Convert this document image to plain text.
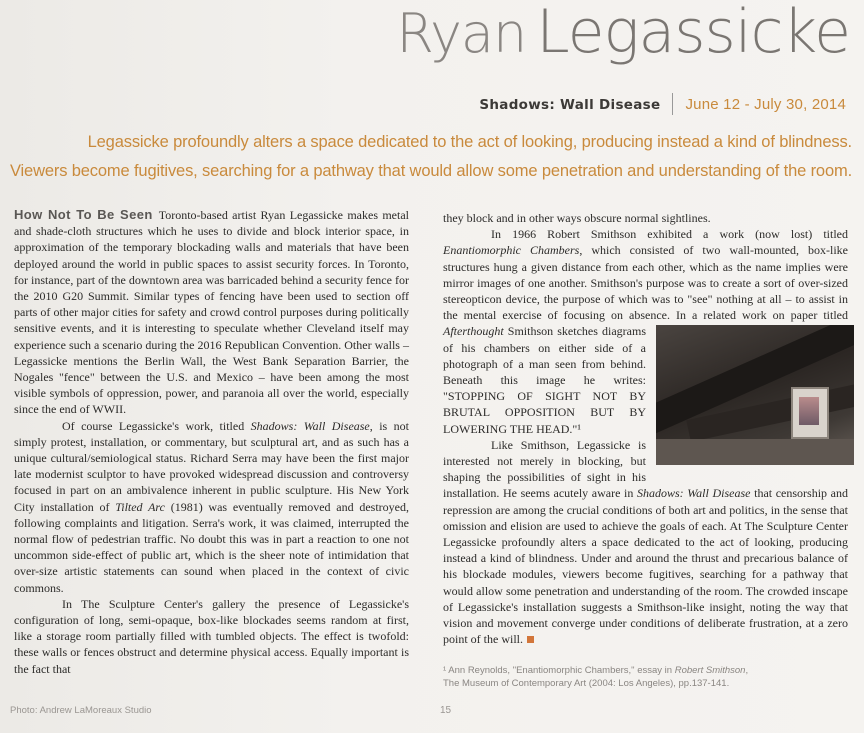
Ryan Legassicke
Shadows: Wall Disease June 12 - July 30, 2014
Legassicke profoundly alters a space dedicated to the act of looking, producing instead a kind of blindness.
Viewers become fugitives, searching for a pathway that would allow some penetration and understanding of the room.

How Not To Be Seen Toronto-based artist Ryan Legassicke makes metal and shade-cloth structures which he uses to divide and block interior space, in approximation of the temporary blockading walls and materials that have been deployed around the world in public spaces to assist security forces. In Toronto, for instance, part of the downtown area was barricaded behind a security fence for the 2010 G20 Summit. Similar types of fencing have been used to section off parts of other major cities for safety and crowd control purposes during politically sensitive events, and it is interesting to speculate whether Cleveland itself may experience such a scenario during the 2016 Republican Convention. Other walls – Legassicke mentions the Berlin Wall, the West Bank Separation Barrier, the Nogales "fence" between the U.S. and Mexico – have been among the most visible symbols of oppression, power, and paranoia all over the world, especially since the end of WWII.

Of course Legassicke's work, titled Shadows: Wall Disease, is not simply protest, installation, or commentary, but sculptural art, and as such has a unique cultural/semiological status. Richard Serra may have been the first major late modernist sculptor to have provoked widespread discussion and controversy focused in part on an ambivalence inherent in public sculpture. His New York City installation of Tilted Arc (1981) was eventually removed and destroyed, following complaints and litigation. Serra's work, it was claimed, interrupted the normal flow of pedestrian traffic. No doubt this was in part a reaction to one not uncommon side-effect of public art, which is the sheer note of intimidation that over-size artistic statements can sound when placed in the context of civic commons.

In The Sculpture Center's gallery the presence of Legassicke's configuration of long, semi-opaque, box-like blockades seems random at first, like a storage room partially filled with tumbled objects. The effect is twofold: these walls or fences obstruct and determine physical access. Equally important is the fact that

they block and in other ways obscure normal sightlines.

In 1966 Robert Smithson exhibited a work (now lost) titled Enantiomorphic Chambers, which consisted of two wall-mounted, box-like structures hung a given distance from each other, which as the name implies were mirror images of one another. Smithson's purpose was to create a sort of over-sized stereopticon device, the purpose of which was to "see" nothing at all – to assist in the mental exercise of focusing on absence. In a related work on paper titled
Afterthought Smithson sketches diagrams of his chambers on either side of a photograph of a man seen from behind. Beneath this image he writes: "STOPPING OF SIGHT NOT BY BRUTAL OPPOSITION BUT BY LOWERING THE HEAD."¹

Like Smithson, Legassicke is interested not merely in blocking, but shaping the possibilities of sight in his installation. He seems acutely aware in Shadows: Wall Disease that censorship and repression are among the crucial conditions of both art and politics, in the sense that omission and elision are used to achieve the goals of each. At The Sculpture Center Legassicke profoundly alters a space dedicated to the act of looking, producing instead a kind of blindness. Under and around the thrust and precarious balance of his blockade modules, viewers become fugitives, searching for a pathway that would allow some penetration and understanding of the room. The crowded inscape of Legassicke's installation suggests a Smithson-like insight, noting the way that vision and movement converge under conditions of deliberate frustration, at a zero point of the will.

¹ Ann Reynolds, "Enantiomorphic Chambers," essay in Robert Smithson,
The Museum of Contemporary Art (2004: Los Angeles), pp.137-141.
Photo: Andrew LaMoreaux Studio	15
